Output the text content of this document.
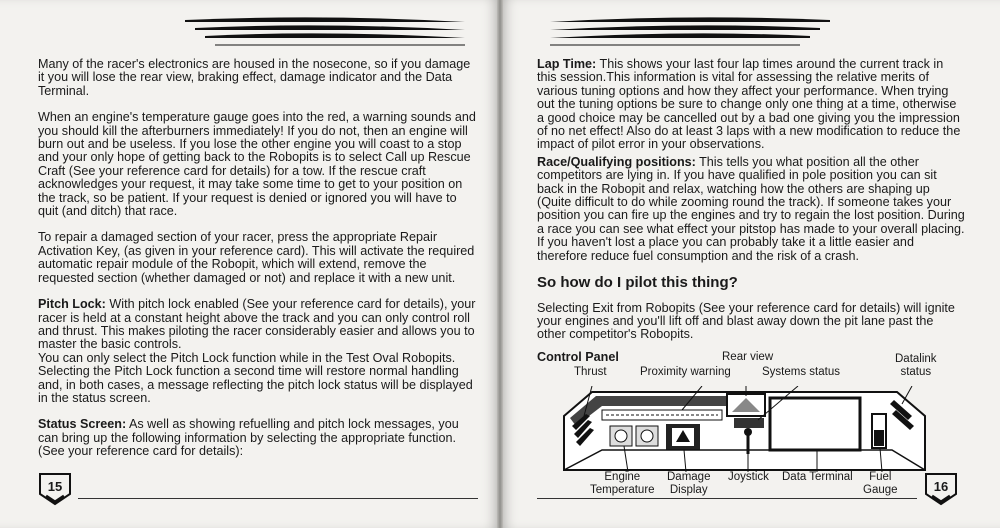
Many of the racer's electronics are housed in the nosecone, so if you damage it you will lose the rear view, braking effect, damage indicator and the Data Terminal.

When an engine's temperature gauge goes into the red, a warning sounds and you should kill the afterburners immediately! If you do not, then an engine will burn out and be useless. If you lose the other engine you will coast to a stop and your only hope of getting back to the Robopits is to select Call up Rescue Craft (See your reference card for details) for a tow. If the rescue craft acknowledges your request, it may take some time to get to your position on the track, so be patient. If your request is denied or ignored you will have to quit (and ditch) that race.

To repair a damaged section of your racer, press the appropriate Repair Activation Key, (as given in your reference card). This will activate the required automatic repair module of the Robopit, which will extend, remove the requested section (whether damaged or not) and replace it with a new unit.

Pitch Lock: With pitch lock enabled (See your reference card for details), your racer is held at a constant height above the track and you can only control roll and thrust. This makes piloting the racer considerably easier and allows you to master the basic controls.

You can only select the Pitch Lock function while in the Test Oval Robopits. Selecting the Pitch Lock function a second time will restore normal handling and, in both cases, a message reflecting the pitch lock status will be displayed in the status screen.

Status Screen: As well as showing refuelling and pitch lock messages, you can bring up the following information by selecting the appropriate function. (See your reference card for details):

15

Lap Time: This shows your last four lap times around the current track in this session.This information is vital for assessing the relative merits of various tuning options and how they affect your performance. When trying out the tuning options be sure to change only one thing at a time, otherwise a good choice may be cancelled out by a bad one giving you the impression of no net effect! Also do at least 3 laps with a new modification to reduce the impact of pilot error in your observations.

Race/Qualifying positions: This tells you what position all the other competitors are lying in. If you have qualified in pole position you can sit back in the Robopit and relax, watching how the others are shaping up (Quite difficult to do while zooming round the track). If someone takes your position you can fire up the engines and try to regain the lost position. During a race you can see what effect your pitstop has made to your overall placing. If you haven't lost a place you can probably take it a little easier and therefore reduce fuel consumption and the risk of a crash.

So how do I pilot this thing?

Selecting Exit from Robopits (See your reference card for details) will ignite your engines and you'll lift off and blast away down the pit lane past the other competitor's Robopits.

Control Panel
Thrust	Proximity warning
Rear view
Systems status
Datalink
status
Engine
Temperature
Damage
Display
Joystick Data Terminal	Fuel
Gauge	16
